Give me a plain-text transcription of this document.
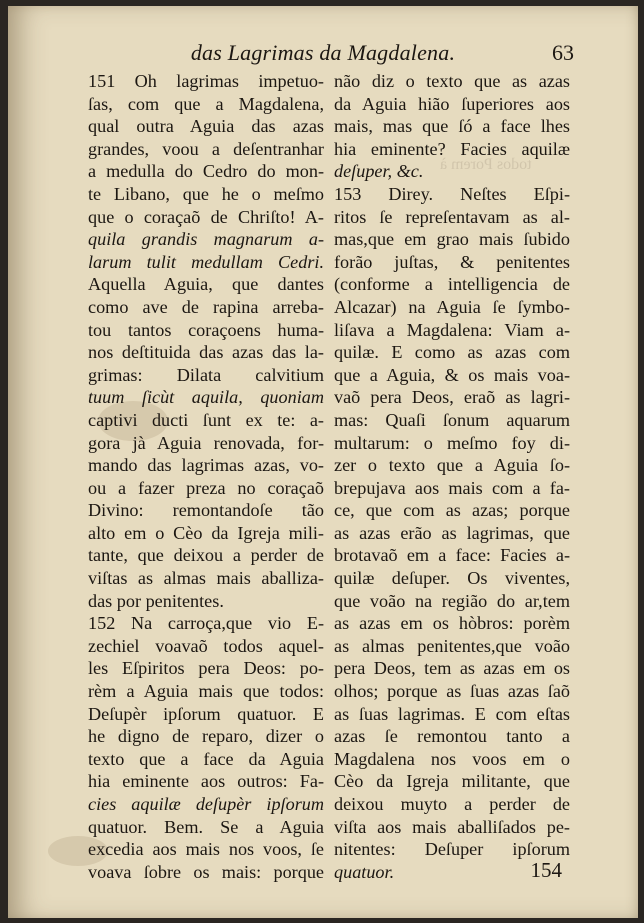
todos Porem à
das Lagrimas da Magdalena.	63
151 Oh lagrimas impetuo-
ſas, com que a Magdalena,
qual outra Aguia das azas
grandes, voou a deſentranhar
a medulla do Cedro do mon-
te Libano, que he o meſmo
que o coraçaõ de Chriſto! A-
quila grandis magnarum a-
larum tulit medullam Cedri.
Aquella Aguia, que dantes
como ave de rapina arreba-
tou tantos coraçoens huma-
nos deſtituida das azas das la-
grimas: Dilata calvitium
tuum ſicùt aquila, quoniam
captivi ducti ſunt ex te: a-
gora jà Aguia renovada, for-
mando das lagrimas azas, vo-
ou a fazer preza no coraçaõ
Divino: remontandoſe tão
alto em o Cèo da Igreja mili-
tante, que deixou a perder de
viſtas as almas mais aballiza-
das por penitentes.
152 Na carroça,que vio E-
zechiel voavaõ todos aquel-
les Eſpiritos pera Deos: po-
rèm a Aguia mais que todos:
Deſupèr ipſorum quatuor. E
he digno de reparo, dizer o
texto que a face da Aguia
hia eminente aos outros: Fa-
cies aquilæ deſupèr ipſorum
quatuor. Bem. Se a Aguia
excedia aos mais nos voos, ſe
voava ſobre os mais: porque
não diz o texto que as azas
da Aguia hião ſuperiores aos
mais, mas que ſó a face lhes
hia eminente? Facies aquilæ
deſuper, &c.
153 Direy. Neſtes Eſpi-
ritos ſe repreſentavam as al-
mas,que em grao mais ſubido
forão juſtas, & penitentes
(conforme a intelligencia de
Alcazar) na Aguia ſe ſymbo-
liſava a Magdalena: Viam a-
quilæ. E como as azas com
que a Aguia, & os mais voa-
vaõ pera Deos, eraõ as lagri-
mas: Quaſi ſonum aquarum
multarum: o meſmo foy di-
zer o texto que a Aguia ſo-
brepujava aos mais com a fa-
ce, que com as azas; porque
as azas erão as lagrimas, que
brotavaõ em a face: Facies a-
quilæ deſuper. Os viventes,
que voão na região do ar,tem
as azas em os hòbros: porèm
as almas penitentes,que voão
pera Deos, tem as azas em os
olhos; porque as ſuas azas ſaõ
as ſuas lagrimas. E com eſtas
azas ſe remontou tanto a
Magdalena nos voos em o
Cèo da Igreja militante, que
deixou muyto a perder de
viſta aos mais aballiſados pe-
nitentes: Deſuper ipſorum
quatuor.	154
